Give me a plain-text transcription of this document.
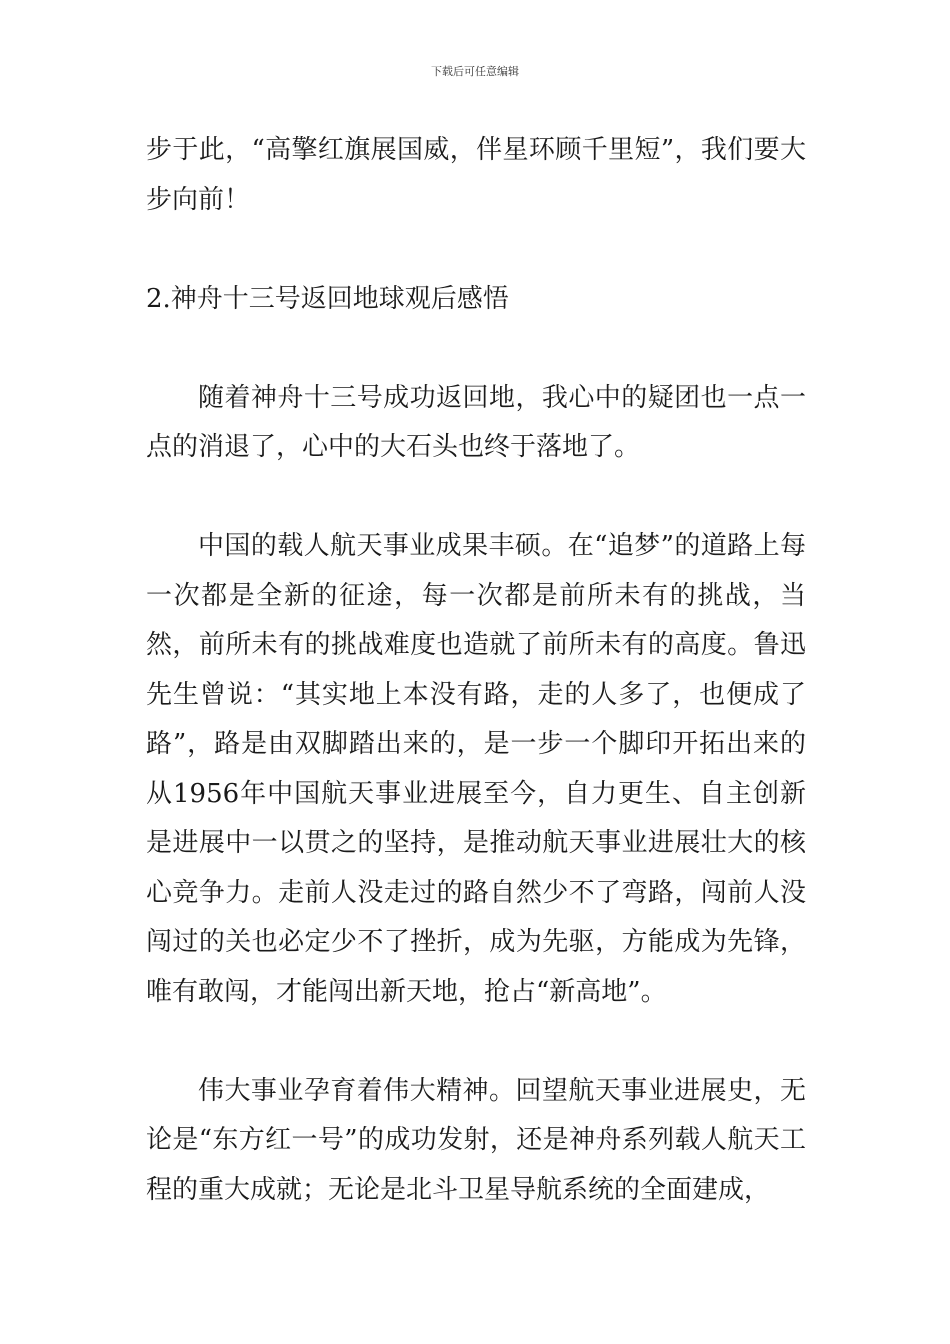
下载后可任意编辑

步于此，“高擎红旗展国威，伴星环顾千里短”，我们要大步向前！

2.神舟十三号返回地球观后感悟

随着神舟十三号成功返回地，我心中的疑团也一点一点的消退了，心中的大石头也终于落地了。

中国的载人航天事业成果丰硕。在“追梦”的道路上每一次都是全新的征途，每一次都是前所未有的挑战，当然，前所未有的挑战难度也造就了前所未有的高度。鲁迅先生曾说：“其实地上本没有路，走的人多了，也便成了路”，路是由双脚踏出来的，是一步一个脚印开拓出来的从1956年中国航天事业进展至今，自力更生、自主创新是进展中一以贯之的坚持，是推动航天事业进展壮大的核心竞争力。走前人没走过的路自然少不了弯路，闯前人没闯过的关也必定少不了挫折，成为先驱，方能成为先锋，唯有敢闯，才能闯出新天地，抢占“新高地”。

伟大事业孕育着伟大精神。回望航天事业进展史，无论是“东方红一号”的成功发射，还是神舟系列载人航天工程的重大成就；无论是北斗卫星导航系统的全面建成，
